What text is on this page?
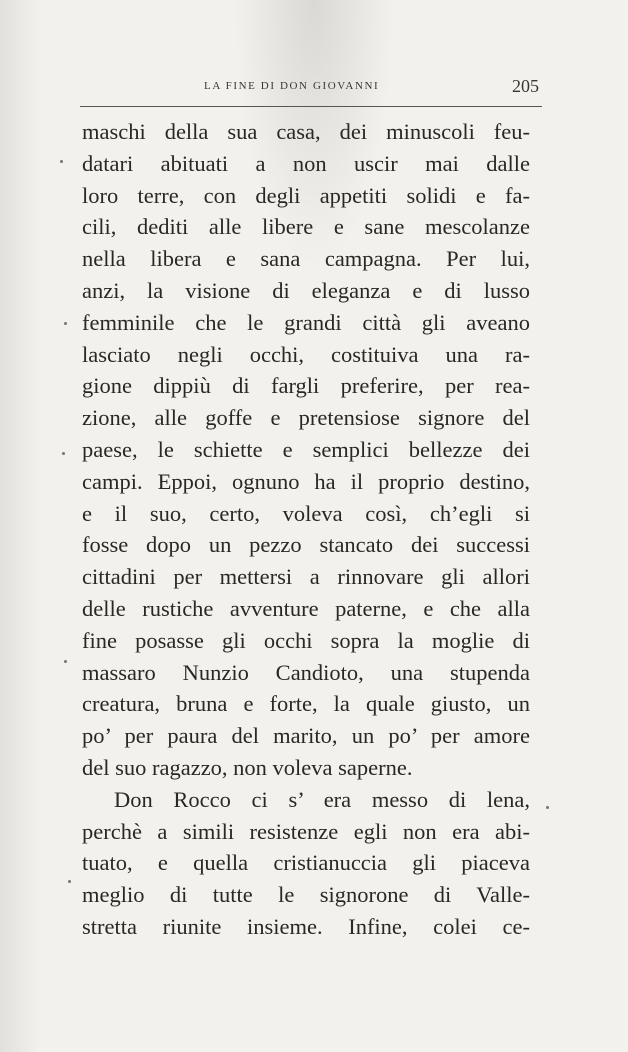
LA FINE DI DON GIOVANNI	205
maschi della sua casa, dei minuscoli feu-
datari abituati a non uscir mai dalle
loro terre, con degli appetiti solidi e fa-
cili, dediti alle libere e sane mescolanze
nella libera e sana campagna. Per lui,
anzi, la visione di eleganza e di lusso
femminile che le grandi città gli aveano
lasciato negli occhi, costituiva una ra-
gione dippiù di fargli preferire, per rea-
zione, alle goffe e pretensiose signore del
paese, le schiette e semplici bellezze dei
campi. Eppoi, ognuno ha il proprio destino,
e il suo, certo, voleva così, ch’egli si
fosse dopo un pezzo stancato dei successi
cittadini per mettersi a rinnovare gli allori
delle rustiche avventure paterne, e che alla
fine posasse gli occhi sopra la moglie di
massaro Nunzio Candioto, una stupenda
creatura, bruna e forte, la quale giusto, un
po’ per paura del marito, un po’ per amore
del suo ragazzo, non voleva saperne.
Don Rocco ci s’ era messo di lena,
perchè a simili resistenze egli non era abi-
tuato, e quella cristianuccia gli piaceva
meglio di tutte le signorone di Valle-
stretta riunite insieme. Infine, colei ce-
